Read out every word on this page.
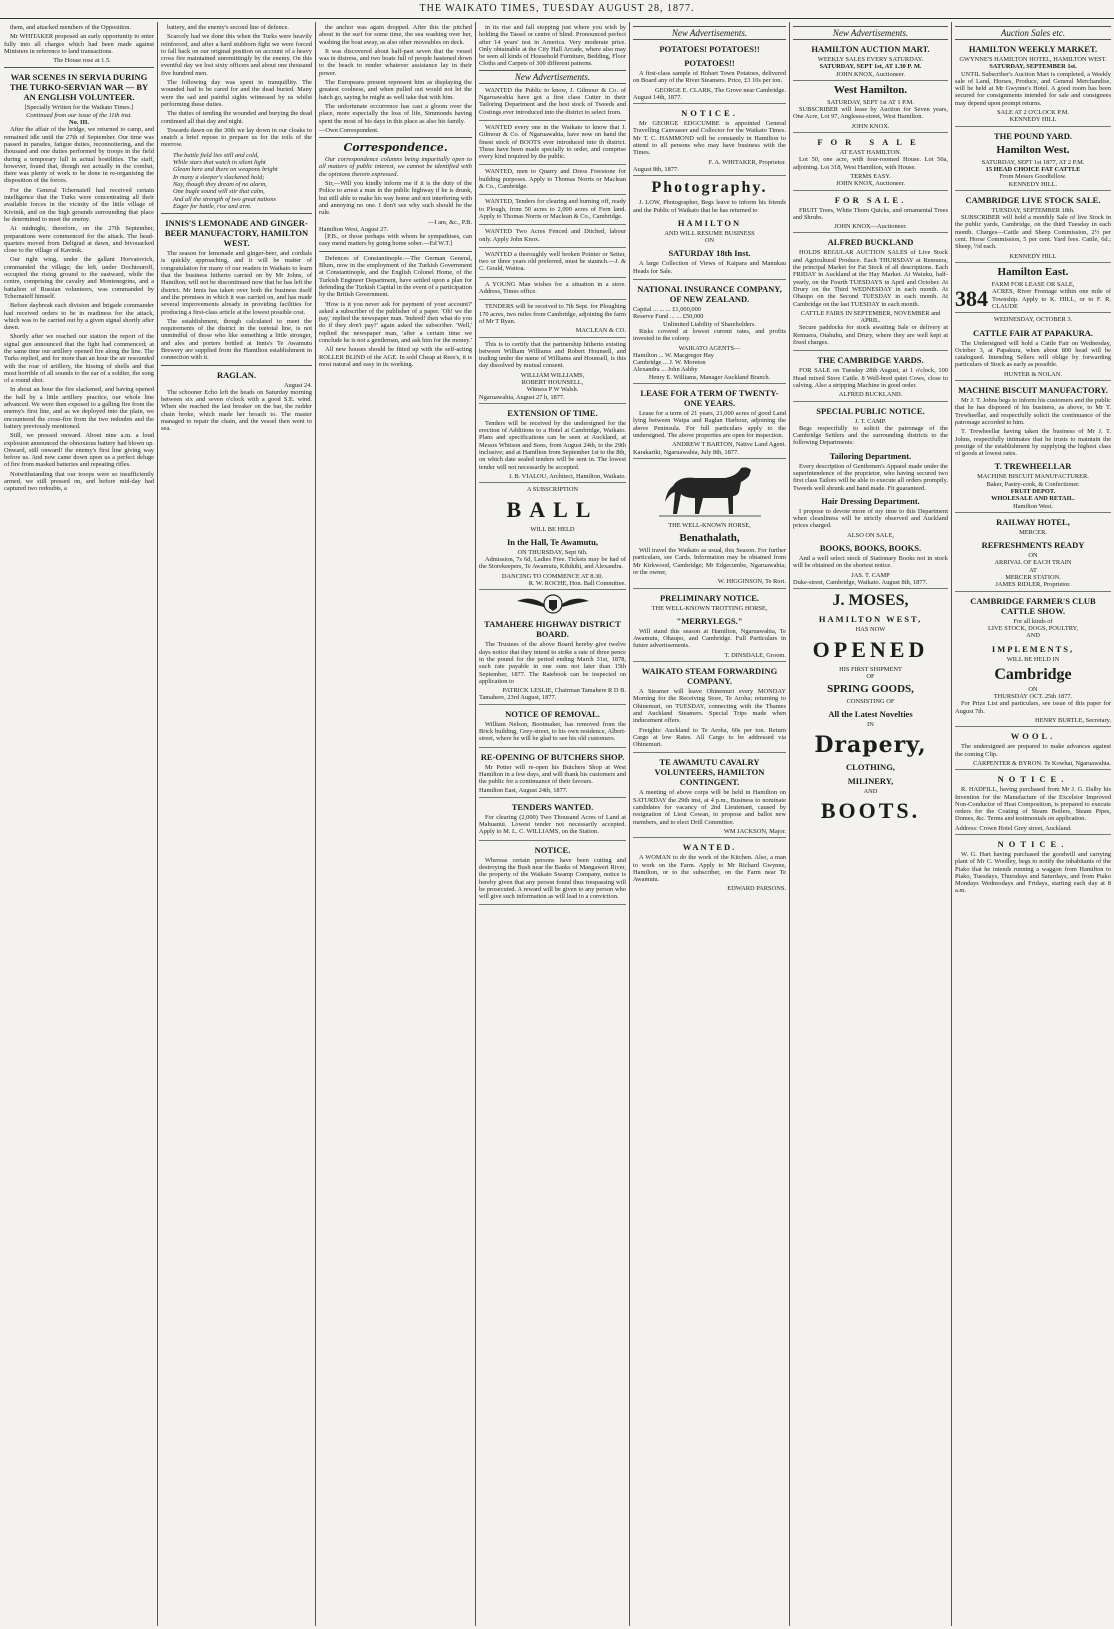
THE WAIKATO TIMES, TUESDAY AUGUST 28, 1877.

them, and attacked members of the Opposition.

Mr WHITAKER proposed an early opportunity to enter fully into all charges which had been made against Ministers in reference to land transactions.

The House rose at 1.5.

WAR SCENES IN SERVIA DURING THE TURKO-SERVIAN WAR — BY AN ENGLISH VOLUNTEER.
[Specially Written for the Waikato Times.]
Continued from our issue of the 11th inst.
No. III.

After the affair of the bridge, we returned to camp, and remained idle until the 27th of September. Our time was passed in parades, fatigue duties, reconnoitering, and the thousand and one duties performed by troops in the field during a temporary lull in actual hostilities. The staff, however, found that, though not actually in the combat, there was plenty of work to be done in re-organising the disposition of the forces.

For the General Tchernaieff had received certain intelligence that the Turks were concentrating all their available forces in the vicinity of the little village of Kivinik, and on the high grounds surrounding that place he determined to meet the enemy.

At midnight, therefore, on the 27th September, preparations were commenced for the attack. The head-quarters moved from Deligrad at dawn, and bivouacked close to the village of Kavinik.

Our right wing, under the gallant Horvatovich, commanded the village; the left, under Dochtouroff, occupied the rising ground to the eastward, while the centre, comprising the cavalry and Montenegrins, and a battalion of Russian volunteers, was commanded by Tchernaieff himself.

Before daybreak each division and brigade commander had received orders to be in readiness for the attack, which was to be carried out by a given signal shortly after dawn.

Shortly after we reached our station the report of the signal gun announced that the fight had commenced; at the same time our artillery opened fire along the line. The Turks replied, and for more than an hour the air resounded with the roar of artillery, the hissing of shells and that most horrible of all sounds to the ear of a soldier, the song of a round shot.

In about an hour the fire slackened, and having opened the ball by a little artillery practice, our whole line advanced. We were then exposed to a galling fire from the enemy's first line, and as we deployed into the plain, we encountered the cross-fire from the two redoubts and the battery previously mentioned.

Still, we pressed onward. About nine a.m. a loud explosion announced the obnoxious battery had blown up. Onward, still onward! the enemy's first line giving way before us. And now came down upon us a perfect deluge of fire from masked batteries and repeating rifles.

Notwithstanding that our troops were so insufficiently armed, we still pressed on, and before mid-day had captured two redoubts, a

battery, and the enemy's second line of defence.

Scarcely had we done this when the Turks were heavily reinforced, and after a hard stubborn fight we were forced to fall back on our original position on account of a heavy cross fire maintained unremittingly by the enemy. On this eventful day we lost sixty officers and about one thousand five hundred men.

The following day was spent in tranquillity. The wounded had to be cared for and the dead buried. Many were the sad and painful sights witnessed by us whilst performing these duties.

The duties of tending the wounded and burying the dead continued all that day and night.

Towards dawn on the 30th we lay down in our cloaks to snatch a brief repose to prepare us for the toils of the morrow.

The battle field lies still and cold,
While stars that watch in silent light
Gleam here and there on weapons bright
In many a sleeper's slackened hold;
Nay, though they dream of no alarm,
One bugle sound will stir that calm,
And all the strength of two great nations
Eager for battle, rise and arm.
INNIS'S LEMONADE AND GINGER-BEER MANUFACTORY, HAMILTON WEST.

The season for lemonade and ginger-beer, and cordials is quickly approaching, and it will be matter of congratulation for many of our readers in Waikato to learn that the business hitherto carried on by Mr Johns, of Hamilton, will not be discontinued now that he has left the district. Mr Innis has taken over both the business itself and the premises in which it was carried on, and has made several improvements already in providing facilities for producing a first-class article at the lowest possible cost.

The establishment, though calculated to meet the requirements of the district in the teetotal line, is not unmindful of those who like something a little stronger, and ales and porters bottled at Innis's Te Awamutu Brewery are supplied from the Hamilton establishment in connection with it.

RAGLAN.
August 24.

The schooner Echo left the heads on Saturday morning between six and seven o'clock with a good S.E. wind. When she reached the last breaker on the bar, the rudder chain broke, which made her broach to. The master managed to repair the chain, and the vessel then went to sea.

the anchor was again dropped. After this the pitched about in the surf for some time, the sea washing over her, washing the boat away, as also other moveables on deck.

It was discovered about half-past seven that the vessel was in distress, and two boats full of people hastened down to the beach to render whatever assistance lay in their power.

The Europeans present represent him as displaying the greatest coolness, and when pulled out would not let the hatch go, saying he might as well take that with him.

The unfortunate occurrence has cast a gloom over the place, more especially the loss of life, Simmonds having spent the most of his days in this place as also his family.

—Own Correspondent.
Correspondence.

Our correspondence columns being impartially open to all matters of public interest, we cannot be identified with the opinions therein expressed.

Sir,—Will you kindly inform me if it is the duty of the Police to arrest a man in the public highway if he is drunk, but still able to make his way home and not interfering with and annoying no one. I don't see why such should be the rule.

—I am, &c., P.B.
Hamilton West, August 27.

[P.B., or those perhaps with whom he sympathises, can easy mend matters by going home sober.—Ed W.T.]

Defences of Constantinople.—The German General, Blum, now in the employment of the Turkish Government at Constantinople, and the English Colonel Home, of the Turkish Engineer Department, have settled upon a plan for defending the Turkish Capital in the event of a participation by the British Government.

'How is it you never ask for payment of your account?' asked a subscriber of the publisher of a paper. 'Oh! we the pay,' replied the newspaper man. 'Indeed! then what do you do if they don't pay?' again asked the subscriber. 'Well,' replied the newspaper man, 'after a certain time we conclude he is not a gentleman, and ask him for the money.'

All new houses should be fitted up with the self-acting ROLLER BLIND of the AGE. In sold Cheap at Rees's, it is most natural and easy in its working.

in its rise and fall stopping just where you wish by holding the Tassel or centre of blind. Pronounced perfect after 14 years' test in America. Very moderate price. Only obtainable at the City Hall Arcade, where also may be seen all kinds of Household Furniture, Bedding, Floor Cloths and Carpets of 300 different patterns.

New Advertisements.

WANTED the Public to know, J. Gilmour & Co. of Ngaruawahia have got a first class Cutter in their Tailoring Department and the best stock of Tweeds and Costings ever introduced into the district to select from.

WANTED every one in the Waikato to know that J. Gilmour & Co. of Ngaruawahia, have now on hand the finest stock of BOOTS ever introduced into th district. These have been made specially to order, and comprise every kind required by the public.

WANTED, men to Quarry and Dress Freestone for building purposes. Apply to Thomas Norris or Maclean & Co., Cambridge.

WANTED, Tenders for clearing and burning off, ready to Plough, from 50 acres to 2,000 acres of Fern land. Apply to Thomas Norris or Maclean & Co., Cambridge.

WANTED Two Acres Fenced and Ditched, labour only. Apply John Knox.

WANTED a thoroughly well broken Pointer or Setter, two or three years old preferred, must be staunch.—J. & C. Gould, Waitoa.

A YOUNG Man wishes for a situation in a store. Address, Times office.

TENDERS will be received to 7th Sept. for Ploughing 170 acres, two miles from Cambridge, adjoining the farm of Mr T Ryan.

MACLEAN & CO.

This is to certify that the partnership hitherto existing between William Williams and Robert Hounsell, and trading under the name of Williams and Hounsell, is this day dissolved by mutual consent.

WILLIAM WILLIAMS,
ROBERT HOUNSELL,
Witness P W Walsh.
Ngaruawahia, August 27 h, 1877.
EXTENSION OF TIME.

Tenders will be received by the undersigned for the erection of Additions to a Hotel at Cambridge, Waikato. Plans and specifications can be seen at Auckland, at Messrs Whitson and Sons, from August 24th, to the 29th inclusive; and at Hamilton from September 1st to the 8th, on which date sealed tenders will be sent in. The lowest tender will not necessarily be accepted.

I. B. VIALOU, Architect, Hamilton, Waikato.
A SUBSCRIPTION
BALL
WILL BE HELD
In the Hall, Te Awamutu,
ON THURSDAY, Sept 6th.

Admission, 7s 6d, Ladies Free. Tickets may be had of the Storekeepers, Te Awamutu, Kihikihi, and Alexandra.

DANCING TO COMMENCE AT 8.30.
R. W. ROCHE, Hon. Ball Committee.
TAMAHERE HIGHWAY DISTRICT BOARD.

The Trustees of the above Board hereby give twelve days notice that they intend to strike a rate of three pence in the pound for the period ending March 31st, 1878, such rate payable in one sum not later than 15th September, 1877. The Ratebook can be inspected on application to

PATRICK LESLIE, Chairman Tamahere R D B.
Tamahere, 23rd August, 1877.
NOTICE OF REMOVAL.

William Nelson, Bootmaker, has removed from the Brick building, Grey-street, to his own residence, Albert-street, where he will be glad to see his old customers.

RE-OPENING OF BUTCHERS SHOP.

Mr Potter will re-open his Butchers Shop at West Hamilton in a few days, and will thank his customers and the public for a continuance of their favours.

Hamilton East, August 24th, 1877.
TENDERS WANTED.

For clearing (2,000) Two Thousand Acres of Land at Mahuanui. Lowest tender not necessarily accepted. Apply to M. L. C. WILLIAMS, on the Station.

NOTICE.

Whereas certain persons have been cutting and destroying the Bush near the Banks of Mangaweri River, the property of the Waikato Swamp Company, notice is hereby given that any person found thus trespassing will be prosecuted. A reward will be given to any person who will give such information as will lead to a conviction.

New Advertisements.
POTATOES! POTATOES!!
POTATOES!!

A first-class sample of Hobart Town Potatoes, delivered on Board any of the River Steamers. Price, £3 10s per ton.

GEORGE E. CLARK, The Grove near Cambridge.
August 14th, 1877.
NOTICE.

Mr GEORGE EDGCUMBE is appointed General Travelling Canvasser and Collector for the Waikato Times. Mr T. C. HAMMOND will be constantly in Hamilton to attend to all persons who may have business with the Times.

F. A. WHITAKER, Proprietor.
August 8th, 1877.
Photography.

J. LOW, Photographer, Begs leave to inform his friends and the Public of Waikato that he has returned to

HAMILTON
AND WILL RESUME BUSINESS
ON
SATURDAY 18th Inst.

A large Collection of Views of Kaipara and Manukau Heads for Sale.

NATIONAL INSURANCE COMPANY, OF NEW ZEALAND.
Capital ... ... ... £1,000,000
Reserve Fund ... ... £50,000
Unlimited Liability of Shareholders.

Risks covered at lowest current rates, and profits invested in the colony.

WAIKATO AGENTS—
Hamilton ... W. Macgregor Hay
Cambridge ... J. W. Moreton
Alexandra ... John Ashby
Henry E. Williams, Manager Auckland Branch.
LEASE FOR A TERM OF TWENTY-ONE YEARS.

Lease for a term of 21 years, 21,000 acres of good Land lying between Waipa and Raglan Harbour, adjoining the above Peninsula. For full particulars apply to the undersigned. The above properties are open for inspection.

ANDREW T BARTON, Native Land Agent.
Karakariki, Ngaruawahia, July 8th, 1877.
THE WELL-KNOWN HORSE,
Benathalath,

Will travel the Waikato as usual, this Season. For further particulars, see Cards. Information may be obtained from Mr Kirkwood, Cambridge; Mr Edgecumbe, Ngaruawahia; or the owner,

W. HIGGINSON, Te Rori.
PRELIMINARY NOTICE.
THE WELL-KNOWN TROTTING HORSE,
"MERRYLEGS."

Will stand this season at Hamilton, Ngaruawahia, Te Awamutu, Ohaupo, and Cambridge. Full Particulars in future advertisements.

T. DINSDALE, Groom.
WAIKATO STEAM FORWARDING COMPANY.

A Steamer will leave Ohinemuri every MONDAY Morning for the Receiving Store, Te Aroha; returning to Ohinemuri, on TUESDAY, connecting with the Thames and Auckland Steamers. Special Trips made when inducement offers.

Freights: Auckland to Te Aroha, 60s per ton. Return Cargo at low Rates. All Cargo to be addressed via Ohinemuri.

TE AWAMUTU CAVALRY VOLUNTEERS, HAMILTON CONTINGENT.

A meeting of above corps will be held in Hamilton on SATURDAY the 29th inst, at 4 p.m., Business to nominate candidates for vacancy of 2nd Lieutenant, caused by resignation of Lieut Cowan, to propose and ballot new members, and to elect Drill Committee.

WM JACKSON, Major.
WANTED.

A WOMAN to do the work of the Kitchen. Also, a man to work on the Farm. Apply to Mr Richard Gwynne, Hamilton, or to the subscriber, on the Farm near Te Awamutu.

EDWARD PARSONS.
New Advertisements.
HAMILTON AUCTION MART.
WEEKLY SALES EVERY SATURDAY.
SATURDAY, SEPT 1st, AT 1.30 P. M.
JOHN KNOX, Auctioneer.
West Hamilton.
SATURDAY, SEPT 1st AT 1 P.M.

SUBSCRIBER will lease by Auction for Seven years, One Acre, Lot 97, Anglesea-street, West Hamilton.

JOHN KNOX.
FOR SALE
AT EAST HAMILTON.

Lot 50, one acre, with four-roomed House. Lot 50a, adjoining. Lot 318, West Hamilton, with House.

TERMS EASY.
JOHN KNOX, Auctioneer.
FOR SALE.

FRUIT Trees, White Thorn Quicks, and ornamental Trees and Shrubs.

JOHN KNOX—Auctioneer.
ALFRED BUCKLAND

HOLDS REGULAR AUCTION SALES of Live Stock and Agricultural Produce. Each THURSDAY at Remuera, the principal Market for Fat Stock of all descriptions. Each FRIDAY in Auckland at the Hay Market. At Waiuku, half-yearly, on the Fourth TUESDAYS in April and October. At Drury on the Third WEDNESDAY in each month. At Ohaupo on the Second TUESDAY in each month. At Cambridge on the last TUESDAY in each month.

CATTLE FAIRS IN SEPTEMBER, NOVEMBER and APRIL.

Secure paddocks for stock awaiting Sale or delivery at Remuera, Otahuhu, and Drury, where they are well kept at fixed charges.

THE CAMBRIDGE YARDS.

FOR SALE on Tuesday 28th August, at 1 o'clock, 100 Head mixed Store Cattle. 8 Well-bred quiet Cows, close to calving. Also a stripping Machine in good order.

ALFRED BUCKLAND.
SPECIAL PUBLIC NOTICE.
J. T. CAMP.

Begs respectfully to solicit the patronage of the Cambridge Settlers and the surrounding districts to the following Departments:

Tailoring Department.

Every description of Gentlemen's Apparel made under the superintendence of the proprietor, who having secured two first class Tailors will be able to execute all orders promptly. Tweeds well shrunk and hand made. Fit guaranteed.

Hair Dressing Department.

I propose to devote more of my time to this Department when cleanliness will be strictly observed and Auckland prices charged.

ALSO ON SALE,
BOOKS, BOOKS, BOOKS.

And a well select stock of Stationary Books not in stock will be obtained on the shortest notice.

JAS. T. CAMP
Duke-street, Cambridge, Waikato. August 8th, 1877.
J. MOSES,
HAMILTON WEST,
HAS NOW
OPENED
HIS FIRST SHIPMENT
OF
SPRING GOODS,
CONSISTING OF
All the Latest Novelties
IN
Drapery,
CLOTHING,
MILINERY,
AND
BOOTS.
Auction Sales etc.
HAMILTON WEEKLY MARKET.
GWYNNE'S HAMILTON HOTEL, HAMILTON WEST.
SATURDAY, SEPTEMBER 1st.

UNTIL Subscriber's Auction Mart is completed, a Weekly sale of Land, Horses, Produce, and General Merchandise, will be held at Mr Gwynne's Hotel. A good room has been secured for consignments intended for sale and consignees may depend upon prompt returns.

SALE AT 2 O'CLOCK P.M.
KENNEDY HILL
THE POUND YARD.
Hamilton West.
SATURDAY, SEPT 1st 1877, AT 2 P.M.
15 HEAD CHOICE FAT CATTLE
From Messrs Goodfellow.
KENNEDY HILL.
CAMBRIDGE LIVE STOCK SALE.
TUESDAY, SEPTEMBER 18th.

SUBSCRIBER will hold a monthly Sale of live Stock in the public yards, Cambridge, on the third Tuesday in each month. Charges—Cattle and Sheep Commission, 2½ per cent. Horse Commission, 5 per cent. Yard fees. Cattle, 6d.; Sheep, ½d each.

KENNEDY HILL
Hamilton East.
FARM FOR LEASE OR SALE,
384 ACRES, River Frontage within one mile of Township. Apply to K. HILL, or to F. R. CLAUDE
WEDNESDAY, OCTOBER 3.
CATTLE FAIR AT PAPAKURA.

The Undersigned will hold a Cattle Fair on Wednesday, October 3, at Papakura, when about 800 head will be catalogued. Intending Sellers will oblige by forwarding particulars of Stock as early as possible.

HUNTER & NOLAN.
MACHINE BISCUIT MANUFACTORY.

Mr J. T. Johns begs to inform his customers and the public that he has disposed of his business, as above, to Mr T. Trewheellar, and respectfully solicit the continuance of the patronage accorded to him.

T. Trewheellar having taken the business of Mr J. T. Johns, respectfully intimates that he trusts to maintain the prestige of the establishment by supplying the highest class of goods at lowest rates.

T. TREWHEELLAR
MACHINE BISCUIT MANUFACTURER.
Baker, Pastry-cook, & Confectioner.
FRUIT DEPOT.
WHOLESALE AND RETAIL.
Hamilton West.
RAILWAY HOTEL,
MERCER.
REFRESHMENTS READY
ON
ARRIVAL OF EACH TRAIN
AT
MERCER STATION.
JAMES RIDLER, Proprietor.
CAMBRIDGE FARMER'S CLUB CATTLE SHOW.
For all kinds of
LIVE STOCK, DOGS, POULTRY,
AND
IMPLEMENTS,
WILL BE HELD IN
Cambridge
ON
THURSDAY OCT. 25th 1877.

For Prize List and particulars, see issue of this paper for August 7th.

HENRY BURTLE, Secretary.
WOOL.

The undersigned are prepared to make advances against the coming Clip.

CARPENTER & BYRON. Te Kowhai, Ngaruawahia.
NOTICE.

R. HADFILL, having purchased from Mr J. G. Dalby his Invention for the Manufacture of the Excelsior Improved Non-Conductor of Heat Composition, is prepared to execute orders for the Coating of Steam Boilers, Steam Pipes, Domes, &c. Terms and testimonials on application.

Address: Crown Hotel Grey street, Auckland.
NOTICE.

W. G. Hart having purchased the goodwill and carrying plant of Mr C. Woolley, begs to notify the inhabitants of the Piako that he intends running a waggon from Hamilton to Piako, Tuesdays, Thursdays and Saturdays, and from Piako Mondays Wednesdays and Fridays, starting each day at 8 a.m.
